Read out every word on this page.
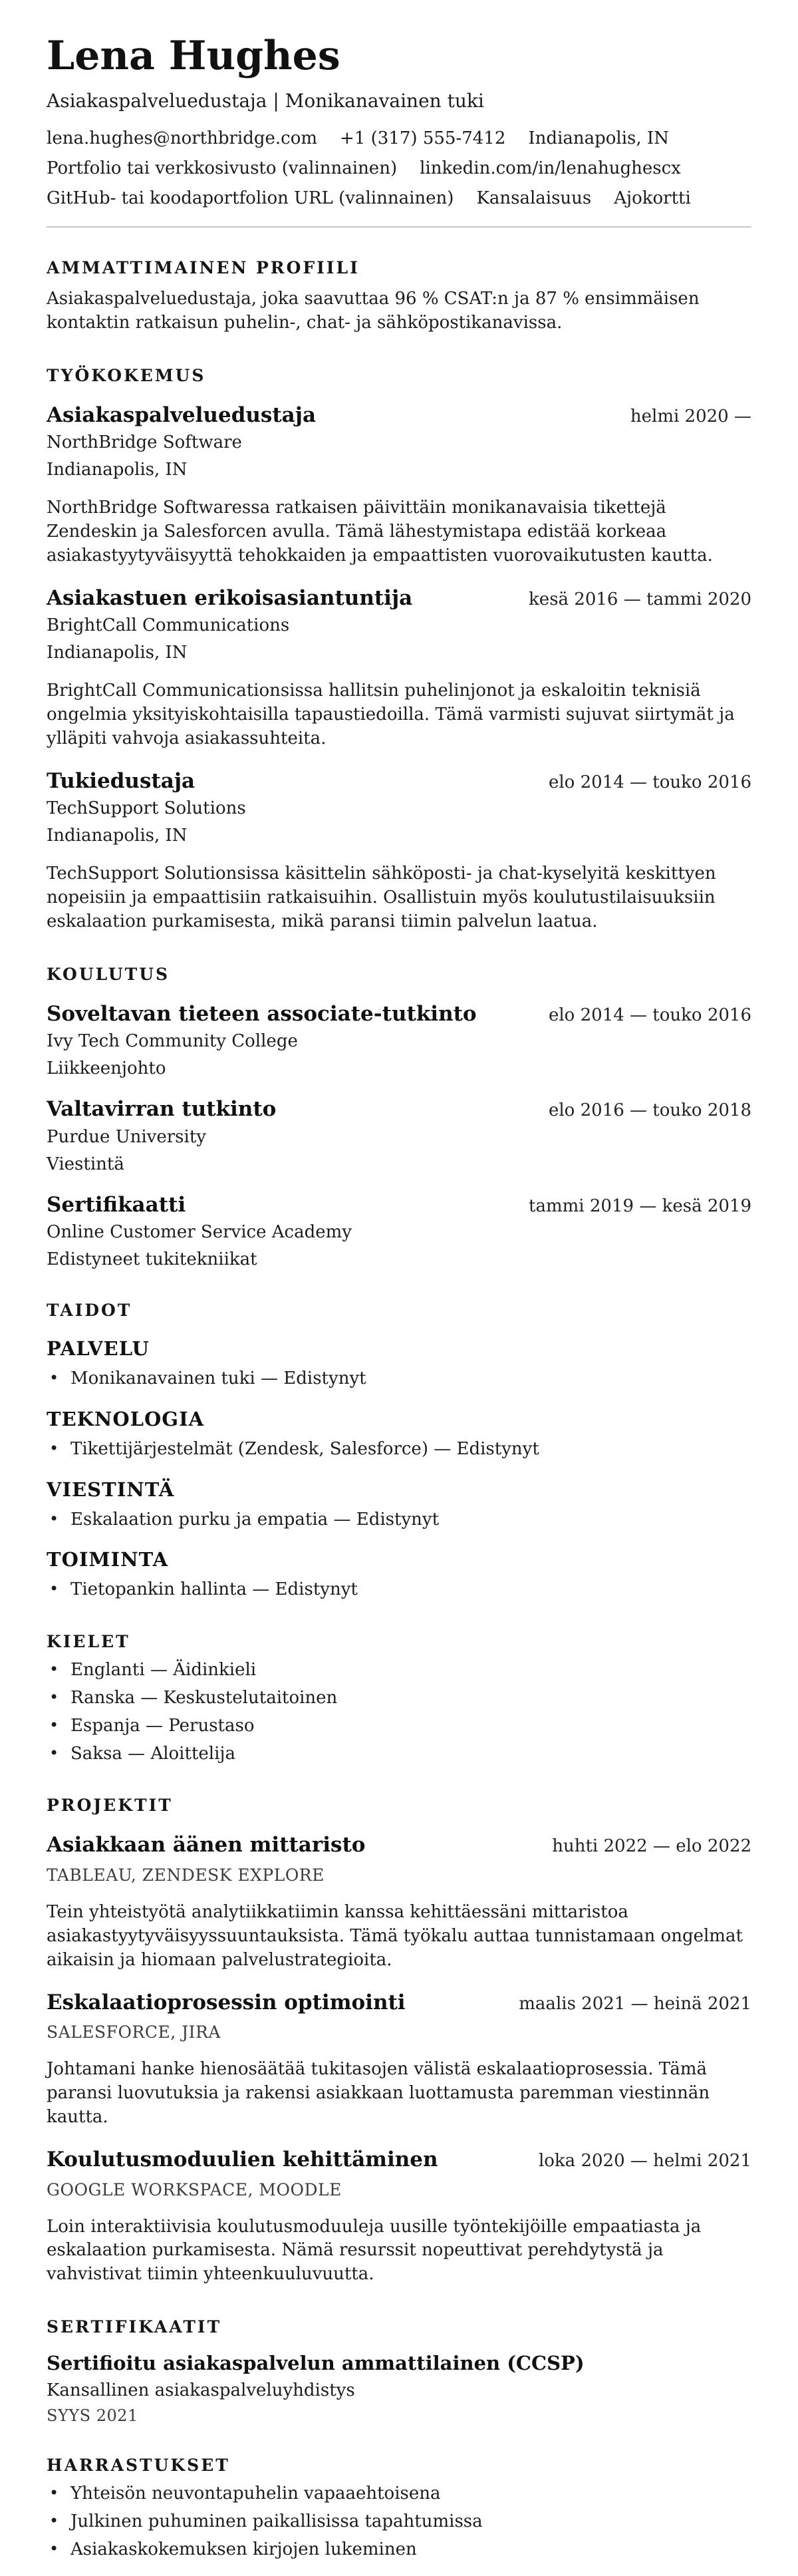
Lena Hughes
Asiakaspalveluedustaja | Monikanavainen tuki
lena.hughes@northbridge.com +1 (317) 555-7412 Indianapolis, IN
Portfolio tai verkkosivusto (valinnainen) linkedin.com/in/lenahughescx
GitHub- tai koodaportfolion URL (valinnainen) Kansalaisuus Ajokortti
AMMATTIMAINEN PROFIILI
Asiakaspalveluedustaja, joka saavuttaa 96 % CSAT:n ja 87 % ensimmäisen kontaktin ratkaisun puhelin-, chat- ja sähköpostikanavissa.
TYÖKOKEMUS
Asiakaspalveluedustaja	helmi 2020 —
NorthBridge Software
Indianapolis, IN
NorthBridge Softwaressa ratkaisen päivittäin monikanavaisia tikettejä Zendeskin ja Salesforcen avulla. Tämä lähestymistapa edistää korkeaa asiakastyytyväisyyttä tehokkaiden ja empaattisten vuorovaikutusten kautta.
Asiakastuen erikoisasiantuntija	kesä 2016 — tammi 2020
BrightCall Communications
Indianapolis, IN
BrightCall Communicationsissa hallitsin puhelinjonot ja eskaloitin teknisiä ongelmia yksityiskohtaisilla tapaustiedoilla. Tämä varmisti sujuvat siirtymät ja ylläpiti vahvoja asiakassuhteita.
Tukiedustaja	elo 2014 — touko 2016
TechSupport Solutions
Indianapolis, IN
TechSupport Solutionsissa käsittelin sähköposti- ja chat-kyselyitä keskittyen nopeisiin ja empaattisiin ratkaisuihin. Osallistuin myös koulutustilaisuuksiin eskalaation purkamisesta, mikä paransi tiimin palvelun laatua.
KOULUTUS
Soveltavan tieteen associate-tutkinto	elo 2014 — touko 2016
Ivy Tech Community College
Liikkeenjohto
Valtavirran tutkinto	elo 2016 — touko 2018
Purdue University
Viestintä
Sertifikaatti	tammi 2019 — kesä 2019
Online Customer Service Academy
Edistyneet tukitekniikat
TAIDOT
PALVELU
• Monikanavainen tuki — Edistynyt
TEKNOLOGIA
• Tikettijärjestelmät (Zendesk, Salesforce) — Edistynyt
VIESTINTÄ
• Eskalaation purku ja empatia — Edistynyt
TOIMINTA
• Tietopankin hallinta — Edistynyt
KIELET
• Englanti — Äidinkieli
• Ranska — Keskustelutaitoinen
• Espanja — Perustaso
• Saksa — Aloittelija
PROJEKTIT
Asiakkaan äänen mittaristo	huhti 2022 — elo 2022
TABLEAU, ZENDESK EXPLORE
Tein yhteistyötä analytiikkatiimin kanssa kehittäessäni mittaristoa asiakastyytyväisyyssuuntauksista. Tämä työkalu auttaa tunnistamaan ongelmat aikaisin ja hiomaan palvelustrategioita.
Eskalaatioprosessin optimointi	maalis 2021 — heinä 2021
SALESFORCE, JIRA
Johtamani hanke hienosäätää tukitasojen välistä eskalaatioprosessia. Tämä paransi luovutuksia ja rakensi asiakkaan luottamusta paremman viestinnän kautta.
Koulutusmoduulien kehittäminen	loka 2020 — helmi 2021
GOOGLE WORKSPACE, MOODLE
Loin interaktiivisia koulutusmoduuleja uusille työntekijöille empaatiasta ja eskalaation purkamisesta. Nämä resurssit nopeuttivat perehdytystä ja vahvistivat tiimin yhteenkuuluvuutta.
SERTIFIKAATIT
Sertifioitu asiakaspalvelun ammattilainen (CCSP)
Kansallinen asiakaspalveluyhdistys
SYYS 2021
HARRASTUKSET
• Yhteisön neuvontapuhelin vapaaehtoisena
• Julkinen puhuminen paikallisissa tapahtumissa
• Asiakaskokemuksen kirjojen lukeminen
